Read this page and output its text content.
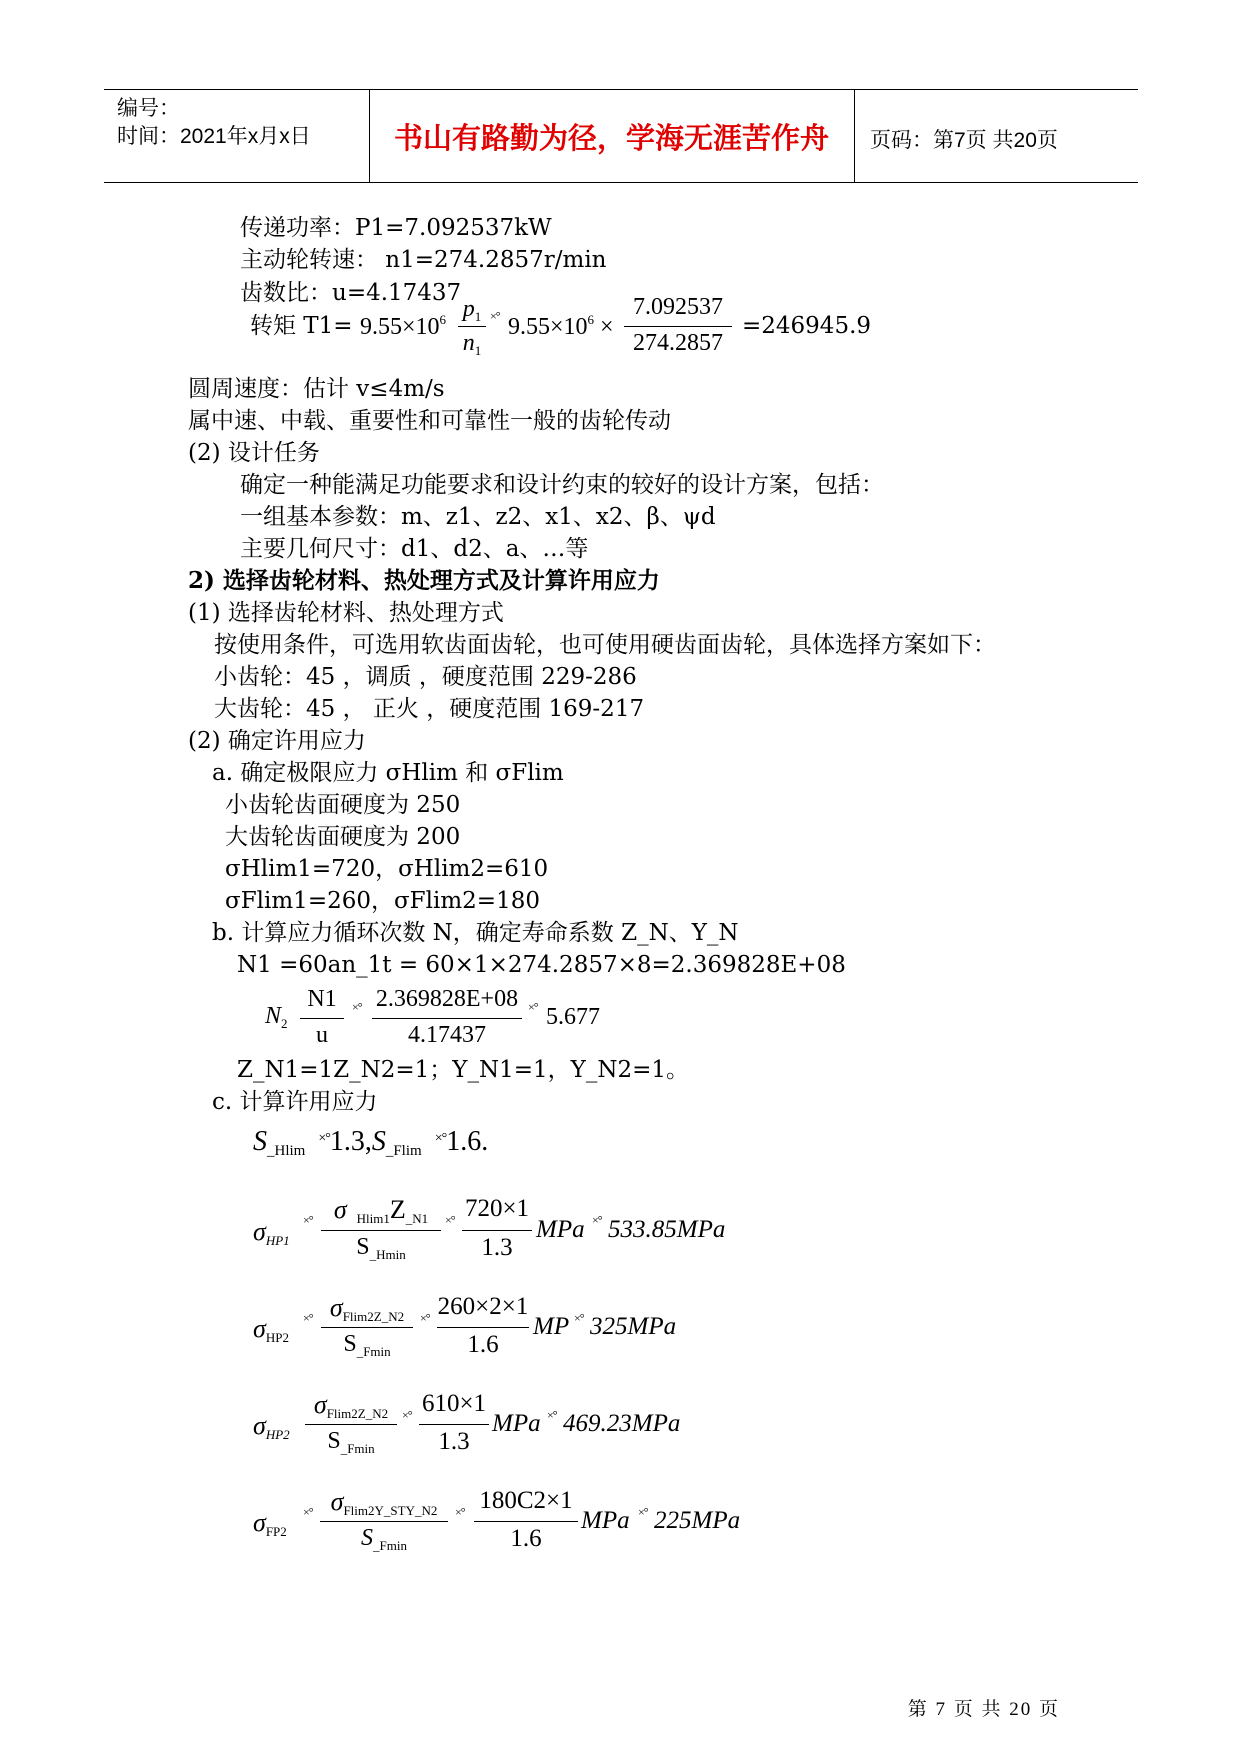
编号：
时间：2021年x月x日	书山有路勤为径，学海无涯苦作舟	页码：第7页 共20页
传递功率：P1=7.092537kW
主动轮转速： n1=274.2857r/min
齿数比：u=4.17437
转矩 $T1= 9.55\times 10^6$ $p_1$
$n_1$
×° $9.55\times 10^6$ ×
7.092537
274.2857
=246945.9
圆周速度：估计 v≤4m/s
属中速、中载、重要性和可靠性一般的齿轮传动
(2) 设计任务
确定一种能满足功能要求和设计约束的较好的设计方案，包括：
一组基本参数：m、z1、z2、x1、x2、β、ψd
主要几何尺寸：d1、d2、a、…等
2) 选择齿轮材料、热处理方式及计算许用应力
(1) 选择齿轮材料、热处理方式
按使用条件，可选用软齿面齿轮，也可使用硬齿面齿轮，具体选择方案如下：
小齿轮：45 ，调质 ，硬度范围 229-286
大齿轮：45 ， 正火 ，硬度范围 169-217
(2) 确定许用应力
a. 确定极限应力 σHlim 和 σFlim
小齿轮齿面硬度为 250
大齿轮齿面硬度为 200
σHlim1=720，σHlim2=610
σFlim1=260，σFlim2=180
b. 计算应力循环次数 N，确定寿命系数 Z_N、Y_N
N1 =60an_1t = 60×1×274.2857×8=2.369828E+08
$N_2$
N1
u
×° 2.369828E+08
4.17437
×° 5.677
Z_N1=1Z_N2=1；Y_N1=1，Y_N2=1。
c. 计算许用应力
$S_{\_Hlim}$ $^{\times^\circ}1.3,S_{\_Flim}$ ×°1.6.
$\sigma_{HP1}$
×° σ $_{Hlim1}Z_{\_N1}$
$S_{\_Hmin}$
×° 720×1
1.3
MPa ×° 533.85MPa
$\sigma_{HP2}$
×° $\sigma_{Flim2Z\_N2}$
$S_{\_Fmin}$
×° 260×2×1
1.6
MP ×° 325MPa
$\sigma_{HP2}$
$\sigma_{Flim2Z\_N2}$
$S_{\_Fmin}$
×° 610×1
1.3
MPa ×° 469.23MPa
$\sigma_{FP2}$
×° $\sigma_{Flim2Y\_STY\_N2}$
$S_{\_Fmin}$
×° 180C2×1
1.6
MPa ×° 225MPa
第 7 页 共 20 页
